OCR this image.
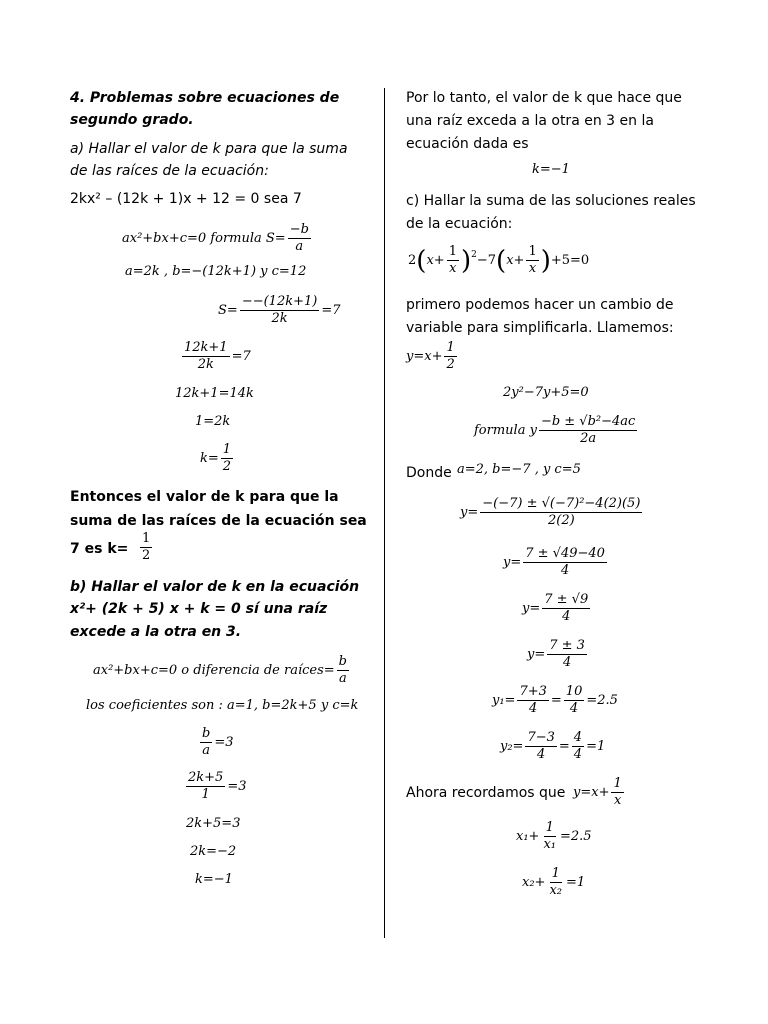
4. Problemas sobre ecuaciones de
segundo grado.
a) Hallar el valor de k para que la suma
de las raíces de la ecuación:
2kx² – (12k + 1)x + 12 = 0 sea 7
ax²+bx+c=0 formula $S= \frac{-b}{a}$
a=2k , b=−(12k+1) y c=12
$S= \frac{--(12k+1)}{2k} =7$
$\frac{12k+1}{2k} =7$
12k+1=14k
1=2k
$k= \frac{1}{2}$
Entonces el valor de k para que la
suma de las raíces de la ecuación sea
7 es $k= \frac{1}{2}$
b) Hallar el valor de k en la ecuación
x²+ (2k + 5) x + k = 0 sí una raíz
excede a la otra en 3.
ax²+bx+c=0 o diferencia de raíces= $\frac{b}{a}$
los coeficientes son : a=1, b=2k+5 y c=k
$\frac{b}{a} =3$
$\frac{2k+5}{1} =3$
2k+5=3
2k=−2
k=−1
Por lo tanto, el valor de k que hace que
una raíz exceda a la otra en 3 en la
ecuación dada es
k=−1
c) Hallar la suma de las soluciones reales
de la ecuación:
2 ( $x + \frac{1}{x}$ ) 2 −7 ( $x + \frac{1}{x}$ ) +5=0
primero podemos hacer un cambio de
variable para simplificarla. Llamemos:
$y=x+ \frac{1}{2}$
2y²−7y+5=0
formula y $\frac{\text{−b ± √b²−4ac}}{2a}$
Donde a=2, b=−7 , y c=5
$y= \frac{\text{−(−7) ± √(−7)²−4(2)(5)}}{2(2)}$
$y= \frac{7 \pm √49-40}{4}$
$y= \frac{7 \pm √9}{4}$
$y= \frac{7 \pm 3}{4}$
$y_1= \frac{7+3}{4} = \frac{10}{4} =2.5$
$y_2= \frac{7-3}{4} = \frac{4}{4} =1$
Ahora recordamos que $y=x+ \frac{1}{x}$
$x_1+ \frac{1}{\text{x₁}} =2.5$
$x_2+ \frac{1}{\text{x₂}} =1$
